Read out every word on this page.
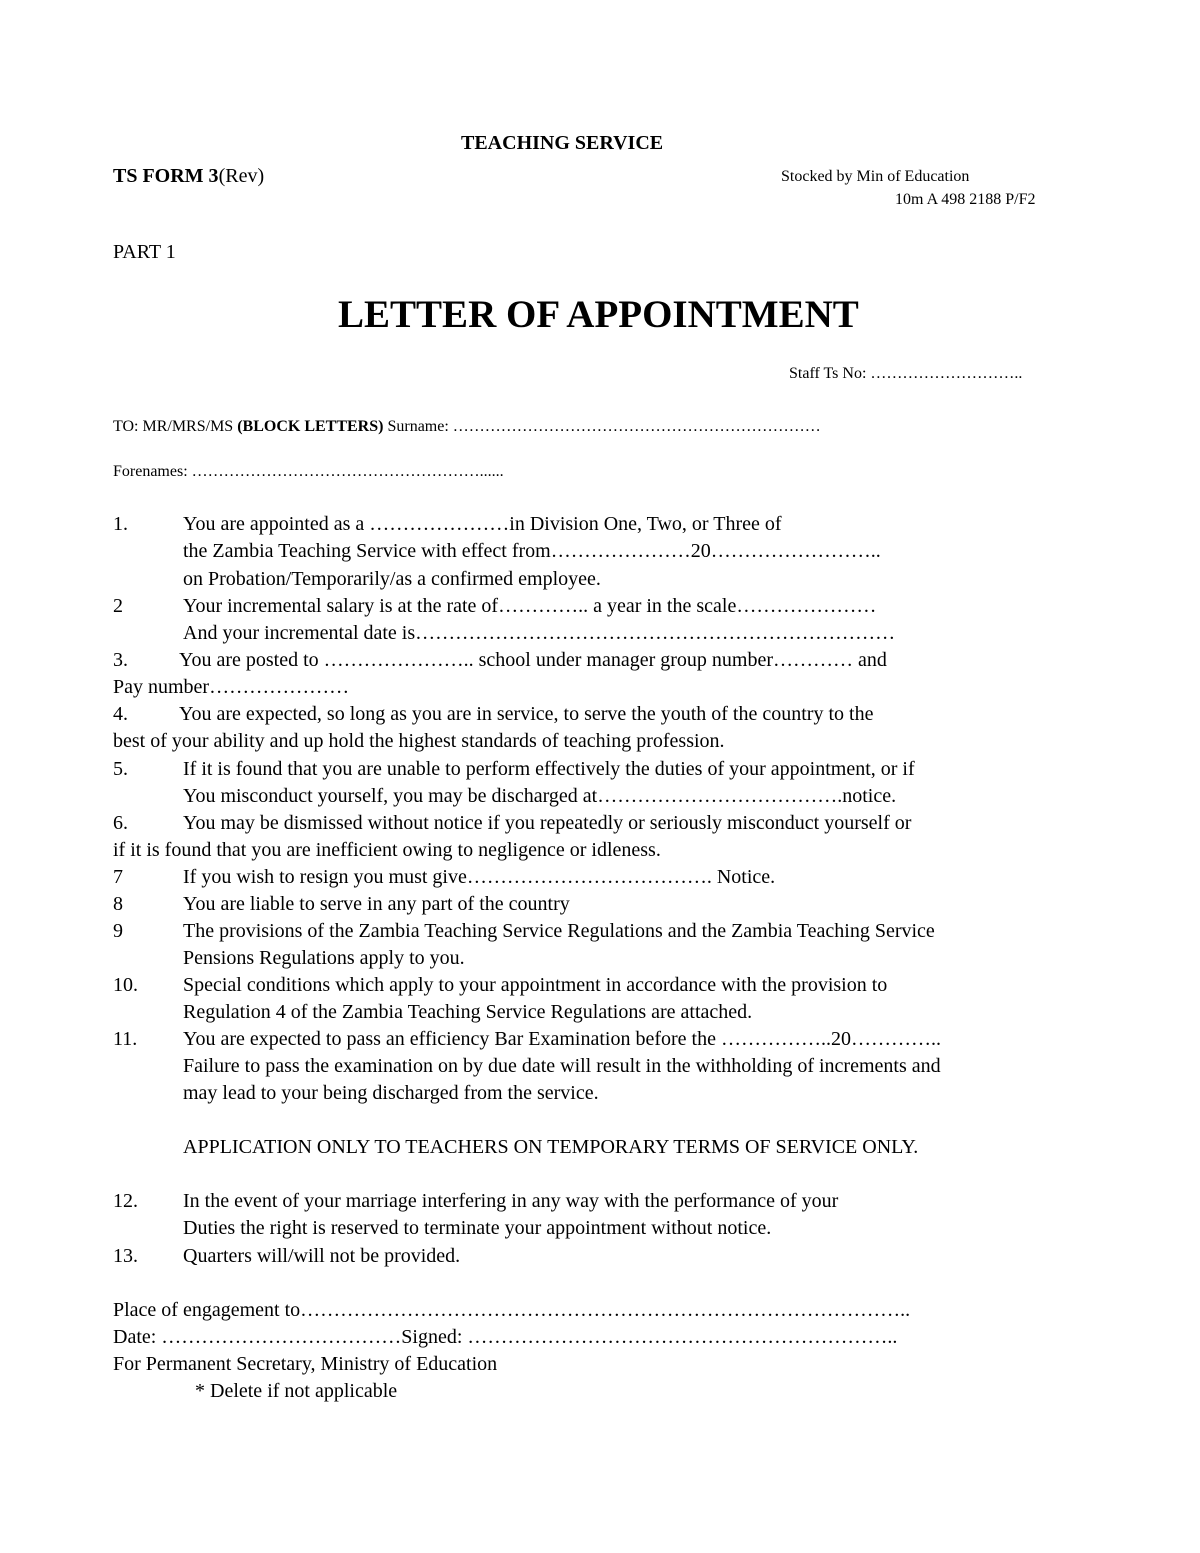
TEACHING SERVICE
TS FORM 3(Rev)	Stocked by Min of Education
10m A 498 2188 P/F2
PART 1
LETTER OF APPOINTMENT
Staff Ts No: ………………………..
TO: MR/MRS/MS (BLOCK LETTERS) Surname: ……………………………………………………………
Forenames: ………………………………………………......
1.	You are appointed as a …………………in Division One, Two, or Three of
the Zambia Teaching Service with effect from…………………20……………………..
on Probation/Temporarily/as a confirmed employee.
2	Your incremental salary is at the rate of………….. a year in the scale…………………
And your incremental date is………………………………………………………………
3.	You are posted to ………………….. school under manager group number………… and
Pay number…………………
4.	You are expected, so long as you are in service, to serve the youth of the country to the
best of your ability and up hold the highest standards of teaching profession.
5.	If it is found that you are unable to perform effectively the duties of your appointment, or if
You misconduct yourself, you may be discharged at……………………………….notice.
6.	You may be dismissed without notice if you repeatedly or seriously misconduct yourself or
if it is found that you are inefficient owing to negligence or idleness.
7	If you wish to resign you must give………………………………. Notice.
8	You are liable to serve in any part of the country
9	The provisions of the Zambia Teaching Service Regulations and the Zambia Teaching Service
Pensions Regulations apply to you.
10. Special conditions which apply to your appointment in accordance with the provision to
Regulation 4 of the Zambia Teaching Service Regulations are attached.
11. You are expected to pass an efficiency Bar Examination before the ……………..20…………..
Failure to pass the examination on by due date will result in the withholding of increments and
may lead to your being discharged from the service.
APPLICATION ONLY TO TEACHERS ON TEMPORARY TERMS OF SERVICE ONLY.
12. In the event of your marriage interfering in any way with the performance of your
Duties the right is reserved to terminate your appointment without notice.
13. Quarters will/will not be provided.
Place of engagement to………………………………………………………………………………..
Date: ………………………………Signed: ………………………………………………………..
For Permanent Secretary, Ministry of Education
* Delete if not applicable
